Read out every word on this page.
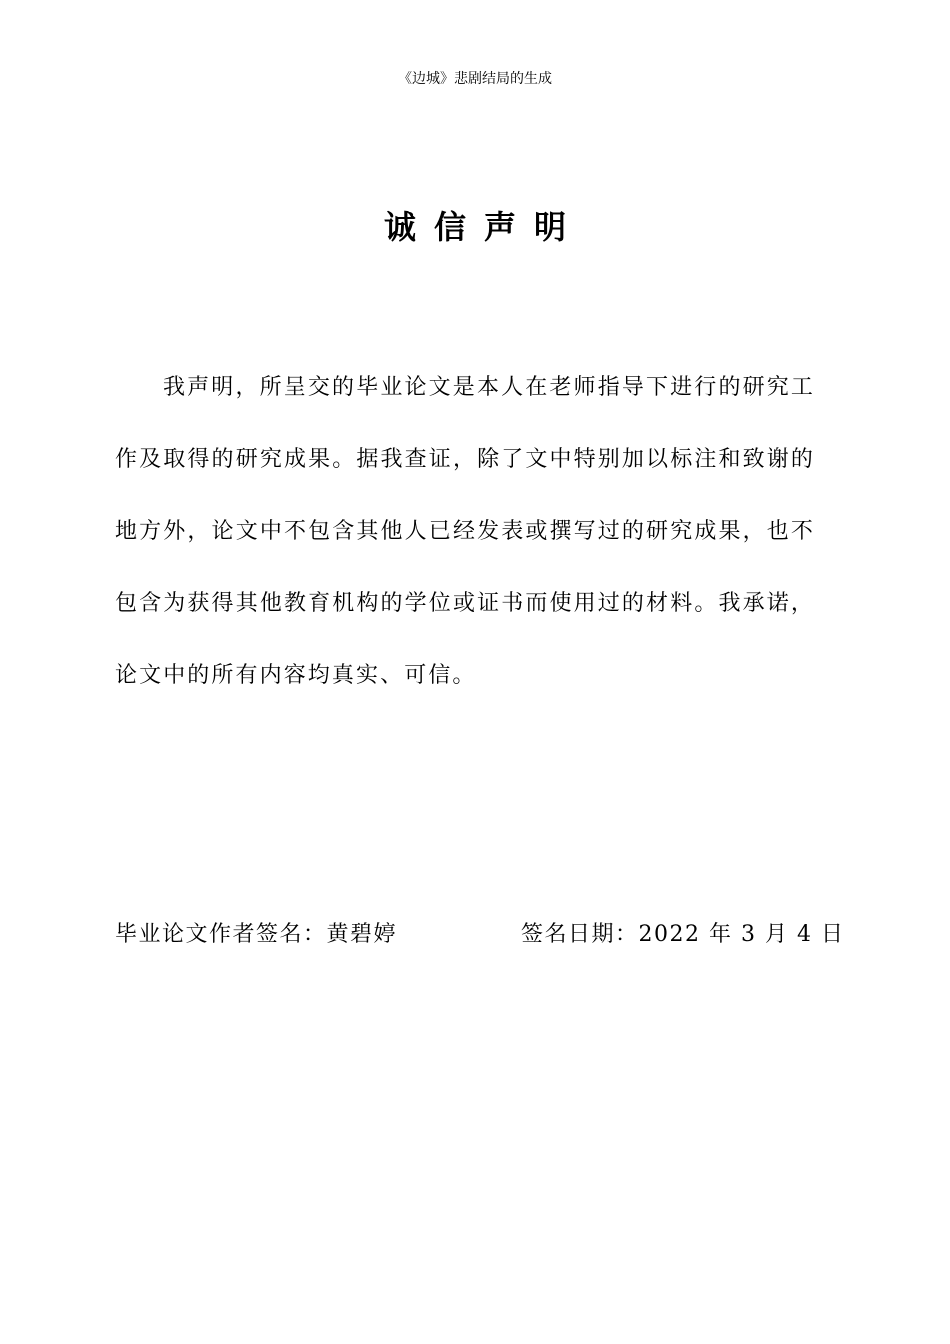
《边城》悲剧结局的生成
诚信声明

我声明，所呈交的毕业论文是本人在老师指导下进行的研究工作及取得的研究成果。据我查证，除了文中特别加以标注和致谢的地方外，论文中不包含其他人已经发表或撰写过的研究成果，也不包含为获得其他教育机构的学位或证书而使用过的材料。我承诺，论文中的所有内容均真实、可信。

毕业论文作者签名：黄碧婷	签名日期：2022 年 3 月 4 日
